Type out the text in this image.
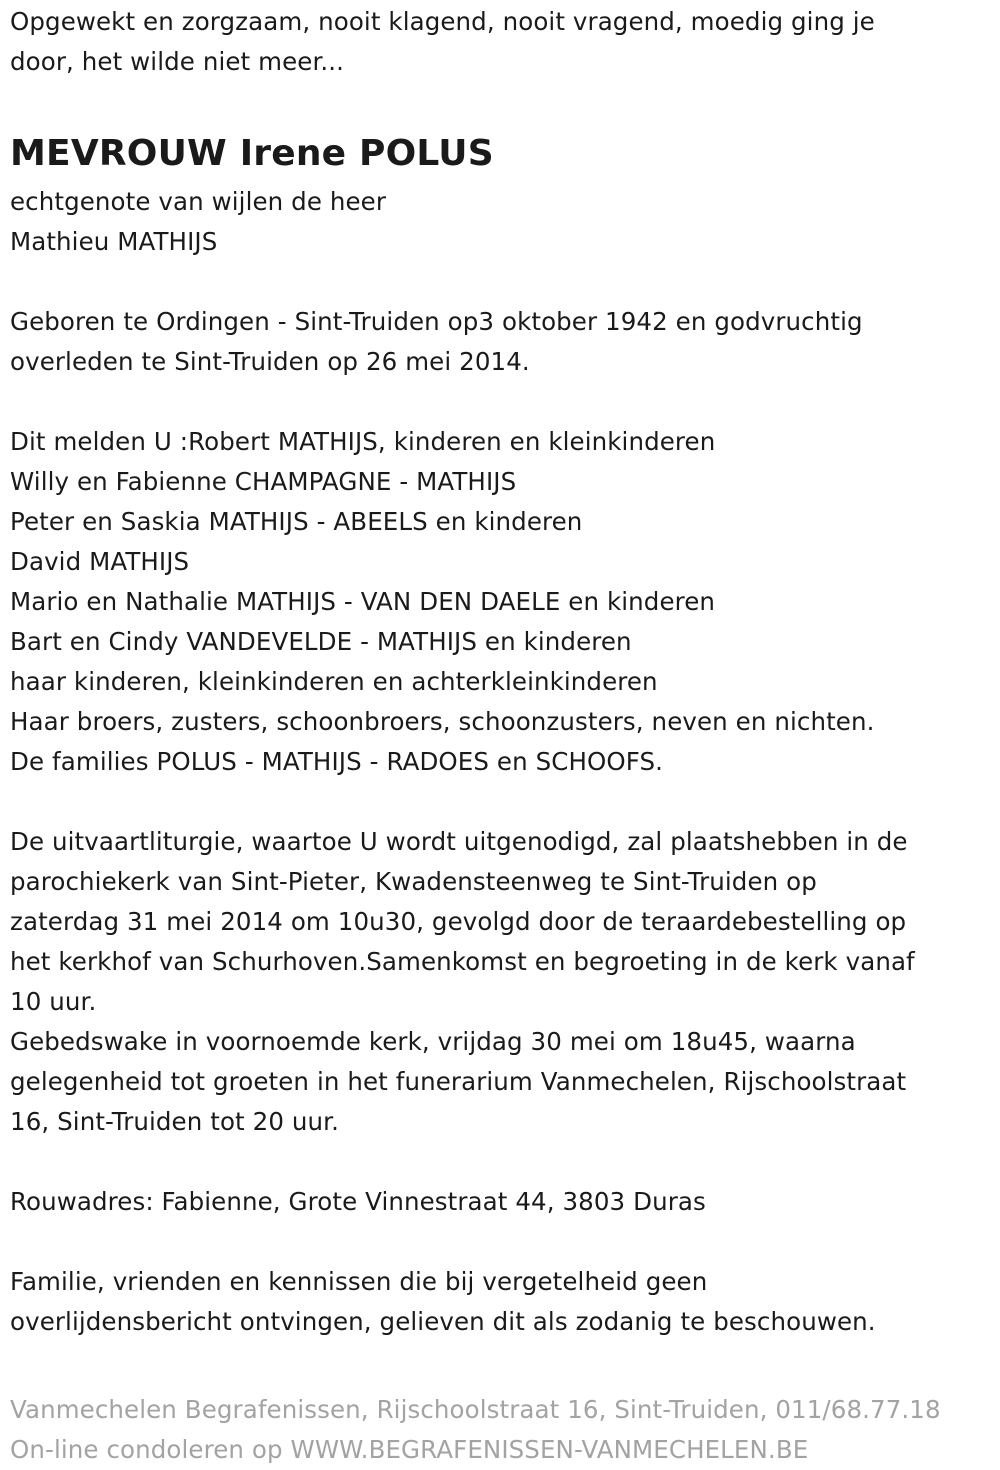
Opgewekt en zorgzaam, nooit klagend, nooit vragend, moedig ging je
door, het wilde niet meer...
MEVROUW Irene POLUS
echtgenote van wijlen de heer
Mathieu MATHIJS
Geboren te Ordingen - Sint-Truiden op3 oktober 1942 en godvruchtig
overleden te Sint-Truiden op 26 mei 2014.
Dit melden U :Robert MATHIJS, kinderen en kleinkinderen
Willy en Fabienne CHAMPAGNE - MATHIJS
Peter en Saskia MATHIJS - ABEELS en kinderen
David MATHIJS
Mario en Nathalie MATHIJS - VAN DEN DAELE en kinderen
Bart en Cindy VANDEVELDE - MATHIJS en kinderen
haar kinderen, kleinkinderen en achterkleinkinderen
Haar broers, zusters, schoonbroers, schoonzusters, neven en nichten.
De families POLUS - MATHIJS - RADOES en SCHOOFS.
De uitvaartliturgie, waartoe U wordt uitgenodigd, zal plaatshebben in de
parochiekerk van Sint-Pieter, Kwadensteenweg te Sint-Truiden op
zaterdag 31 mei 2014 om 10u30, gevolgd door de teraardebestelling op
het kerkhof van Schurhoven.Samenkomst en begroeting in de kerk vanaf
10 uur.
Gebedswake in voornoemde kerk, vrijdag 30 mei om 18u45, waarna
gelegenheid tot groeten in het funerarium Vanmechelen, Rijschoolstraat
16, Sint-Truiden tot 20 uur.
Rouwadres: Fabienne, Grote Vinnestraat 44, 3803 Duras
Familie, vrienden en kennissen die bij vergetelheid geen
overlijdensbericht ontvingen, gelieven dit als zodanig te beschouwen.
Vanmechelen Begrafenissen, Rijschoolstraat 16, Sint-Truiden, 011/68.77.18
On-line condoleren op WWW.BEGRAFENISSEN-VANMECHELEN.BE
